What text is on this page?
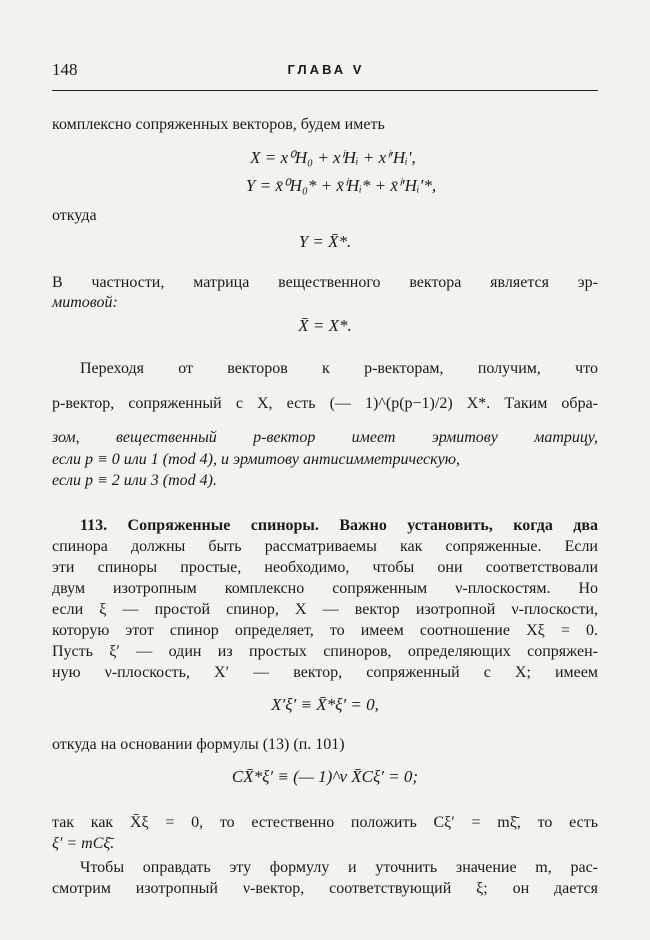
148	ГЛАВА V
комплексно сопряженных векторов, будем иметь
X = x⁰H₀ + xⁱHᵢ + xⁱ′Hᵢ′,
Y = x̄⁰H₀* + x̄ⁱHᵢ* + x̄ⁱ′Hᵢ′*,
откуда
Y = X̄*.
В частности, матрица вещественного вектора является эр-
митовой:
X̄ = X*.
Переходя от векторов к p-векторам, получим, что
p-вектор, сопряженный с X, есть (— 1)^(p(p−1)/2) X*. Таким обра-
зом, вещественный p-вектор имеет эрмитову матрицу,
если p ≡ 0 или 1 (mod 4), и эрмитову антисимметрическую,
если p ≡ 2 или 3 (mod 4).
113. Сопряженные спиноры. Важно установить, когда два
спинора должны быть рассматриваемы как сопряженные. Если
эти спиноры простые, необходимо, чтобы они соответствовали
двум изотропным комплексно сопряженным ν-плоскостям. Но
если ξ — простой спинор, X — вектор изотропной ν-плоскости,
которую этот спинор определяет, то имеем соотношение Xξ = 0.
Пусть ξ′ — один из простых спиноров, определяющих сопряжен-
ную ν-плоскость, X′ — вектор, сопряженный с X; имеем
X′ξ′ ≡ X̄*ξ′ = 0,
откуда на основании формулы (13) (п. 101)
CX̄*ξ′ ≡ (— 1)^ν X̄Cξ′ = 0;
так как X̄ξ = 0, то естественно положить Cξ′ = mξ̄, то есть
ξ′ = mCξ̄.
Чтобы оправдать эту формулу и уточнить значение m, рас-
смотрим изотропный ν-вектор, соответствующий ξ; он дается
